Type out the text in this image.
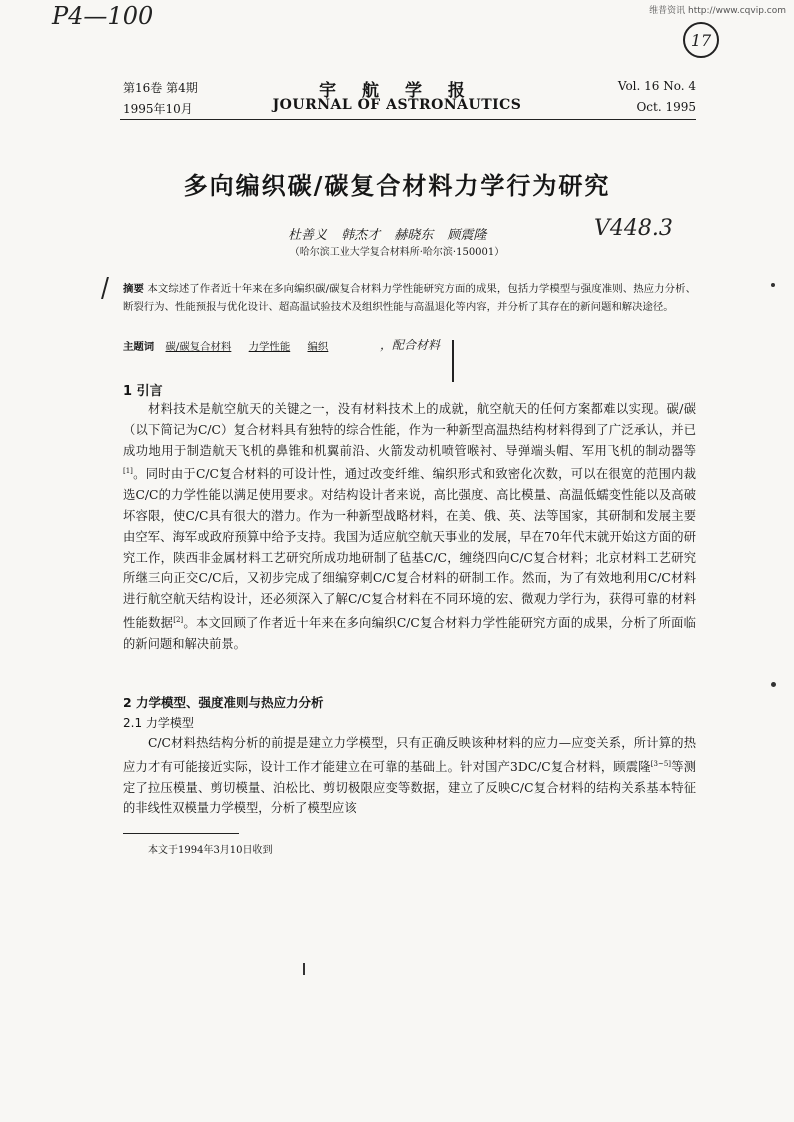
维普资讯 http://www.cqvip.com
P4—100
17
第16卷 第4期	宇 航 学 报	Vol. 16 No. 4
1995年10月	JOURNAL OF ASTRONAUTICS	Oct. 1995
多向编织碳/碳复合材料力学行为研究
杜善义 韩杰才 赫晓东 顾震隆	V448.3
（哈尔滨工业大学复合材料所·哈尔滨·150001）
摘要 本文综述了作者近十年来在多向编织碳/碳复合材料力学性能研究方面的成果，包括力学模型与强度准则、热应力分析、断裂行为、性能预报与优化设计、超高温试验技术及组织性能与高温退化等内容，并分析了其存在的新问题和解决途径。
主题词 碳/碳复合材料 力学性能 编织	，配合材料
1 引言

材料技术是航空航天的关键之一，没有材料技术上的成就，航空航天的任何方案都难以实现。碳/碳（以下简记为C/C）复合材料具有独特的综合性能，作为一种新型高温热结构材料得到了广泛承认，并已成功地用于制造航天飞机的鼻锥和机翼前沿、火箭发动机喷管喉衬、导弹端头帽、军用飞机的制动器等[1]。同时由于C/C复合材料的可设计性，通过改变纤维、编织形式和致密化次数，可以在很宽的范围内裁选C/C的力学性能以满足使用要求。对结构设计者来说，高比强度、高比模量、高温低蠕变性能以及高破坏容限，使C/C具有很大的潜力。作为一种新型战略材料，在美、俄、英、法等国家，其研制和发展主要由空军、海军或政府预算中给予支持。我国为适应航空航天事业的发展，早在70年代末就开始这方面的研究工作，陕西非金属材料工艺研究所成功地研制了毡基C/C，缠绕四向C/C复合材料；北京材料工艺研究所继三向正交C/C后，又初步完成了细编穿刺C/C复合材料的研制工作。然而，为了有效地利用C/C材料进行航空航天结构设计，还必须深入了解C/C复合材料在不同环境的宏、微观力学行为，获得可靠的材料性能数据[2]。本文回顾了作者近十年来在多向编织C/C复合材料力学性能研究方面的成果，分析了所面临的新问题和解决前景。

2 力学模型、强度准则与热应力分析
2.1 力学模型

C/C材料热结构分析的前提是建立力学模型，只有正确反映该种材料的应力—应变关系，所计算的热应力才有可能接近实际，设计工作才能建立在可靠的基础上。针对国产3DC/C复合材料，顾震隆[3~5]等测定了拉压模量、剪切模量、泊松比、剪切极限应变等数据，建立了反映C/C复合材料的结构关系基本特征的非线性双模量力学模型，分析了模型应该

本文于1994年3月10日收到
